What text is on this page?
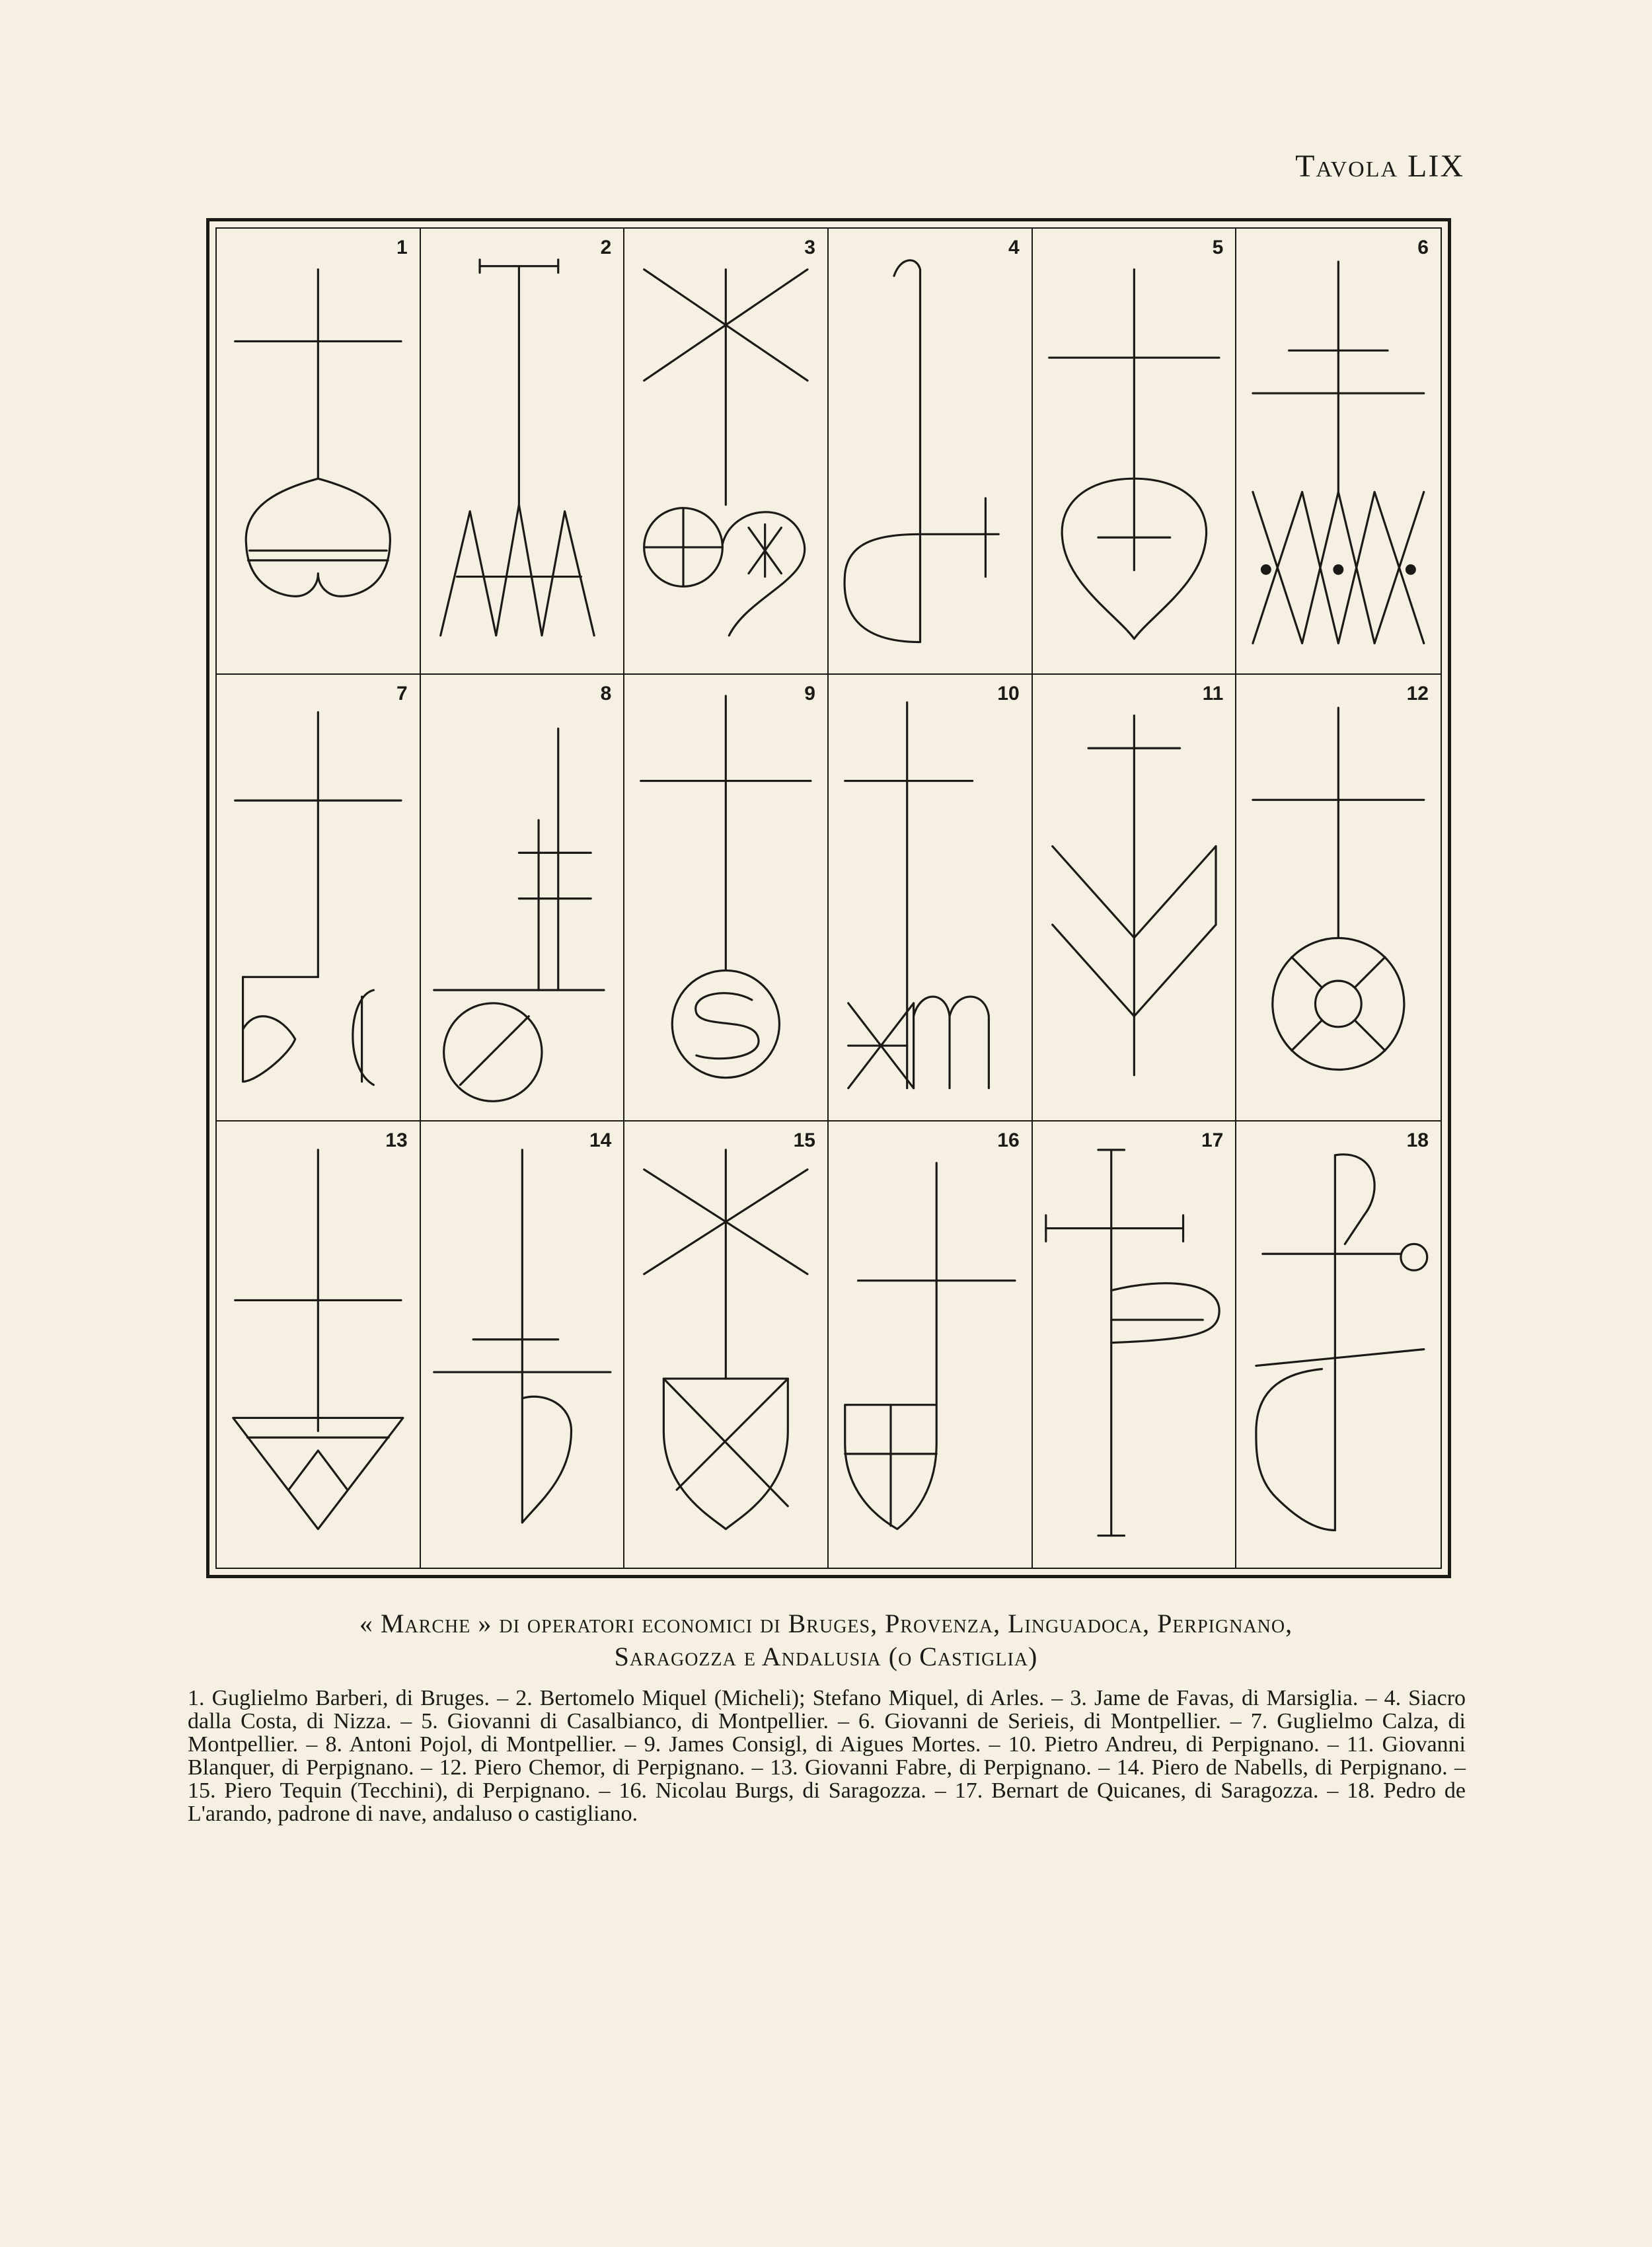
Tavola LIX
1	2	3	4	5	6
7	8	9	10	11	12
13	14	15	16	17	18
« Marche » di operatori economici di Bruges, Provenza, Linguadoca, Perpignano,
Saragozza e Andalusia (o Castiglia)
1. Guglielmo Barberi, di Bruges. – 2. Bertomelo Miquel (Micheli); Stefano Miquel, di Arles. – 3. Jame de Favas, di Marsiglia. – 4. Siacro dalla Costa, di Nizza. – 5. Giovanni di Casalbianco, di Montpellier. – 6. Giovanni de Serieis, di Montpellier. – 7. Guglielmo Calza, di Montpellier. – 8. Antoni Pojol, di Montpellier. – 9. James Consigl, di Aigues Mortes. – 10. Pietro Andreu, di Perpignano. – 11. Giovanni Blanquer, di Perpignano. – 12. Piero Chemor, di Perpignano. – 13. Giovanni Fabre, di Perpignano. – 14. Piero de Nabells, di Perpignano. – 15. Piero Tequin (Tecchini), di Perpignano. – 16. Nicolau Burgs, di Saragozza. – 17. Bernart de Quicanes, di Saragozza. – 18. Pedro de L'arando, padrone di nave, andaluso o castigliano.
